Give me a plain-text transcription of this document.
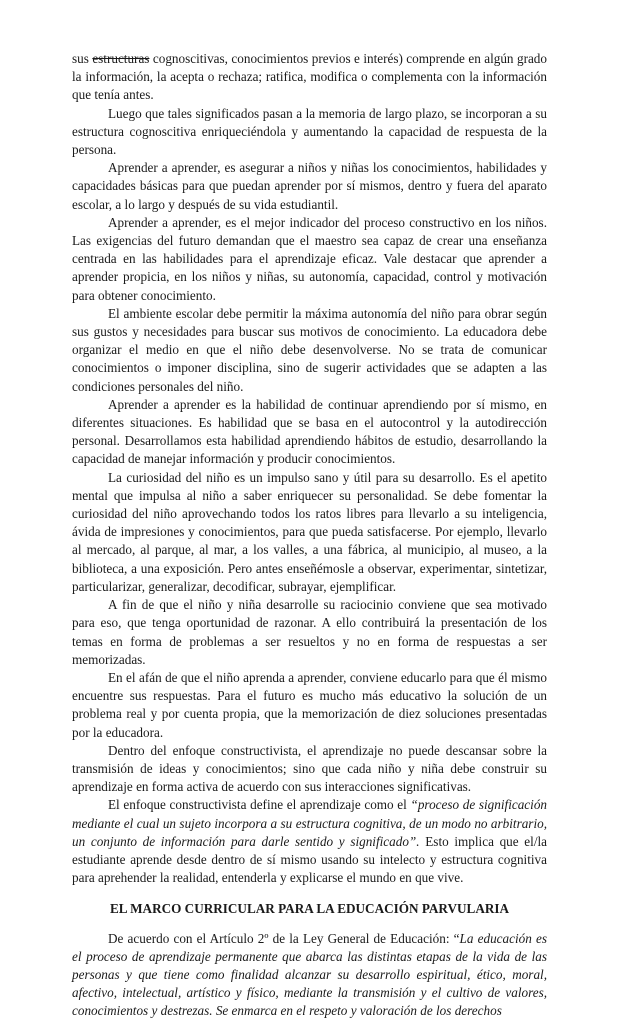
sus estructuras cognoscitivas, conocimientos previos e interés) comprende en algún grado la información, la acepta o rechaza; ratifica, modifica o complementa con la información que tenía antes.

Luego que tales significados pasan a la memoria de largo plazo, se incorporan a su estructura cognoscitiva enriqueciéndola y aumentando la capacidad de respuesta de la persona.

Aprender a aprender, es asegurar a niños y niñas los conocimientos, habilidades y capacidades básicas para que puedan aprender por sí mismos, dentro y fuera del aparato escolar, a lo largo y después de su vida estudiantil.

Aprender a aprender, es el mejor indicador del proceso constructivo en los niños. Las exigencias del futuro demandan que el maestro sea capaz de crear una enseñanza centrada en las habilidades para el aprendizaje eficaz. Vale destacar que aprender a aprender propicia, en los niños y niñas, su autonomía, capacidad, control y motivación para obtener conocimiento.

El ambiente escolar debe permitir la máxima autonomía del niño para obrar según sus gustos y necesidades para buscar sus motivos de conocimiento. La educadora debe organizar el medio en que el niño debe desenvolverse. No se trata de comunicar conocimientos o imponer disciplina, sino de sugerir actividades que se adapten a las condiciones personales del niño.

Aprender a aprender es la habilidad de continuar aprendiendo por sí mismo, en diferentes situaciones. Es habilidad que se basa en el autocontrol y la autodirección personal. Desarrollamos esta habilidad aprendiendo hábitos de estudio, desarrollando la capacidad de manejar información y producir conocimientos.

La curiosidad del niño es un impulso sano y útil para su desarrollo. Es el apetito mental que impulsa al niño a saber enriquecer su personalidad. Se debe fomentar la curiosidad del niño aprovechando todos los ratos libres para llevarlo a su inteligencia, ávida de impresiones y conocimientos, para que pueda satisfacerse. Por ejemplo, llevarlo al mercado, al parque, al mar, a los valles, a una fábrica, al municipio, al museo, a la biblioteca, a una exposición. Pero antes enseñémosle a observar, experimentar, sintetizar, particularizar, generalizar, decodificar, subrayar, ejemplificar.

A fin de que el niño y niña desarrolle su raciocinio conviene que sea motivado para eso, que tenga oportunidad de razonar. A ello contribuirá la presentación de los temas en forma de problemas a ser resueltos y no en forma de respuestas a ser memorizadas.

En el afán de que el niño aprenda a aprender, conviene educarlo para que él mismo encuentre sus respuestas. Para el futuro es mucho más educativo la solución de un problema real y por cuenta propia, que la memorización de diez soluciones presentadas por la educadora.

Dentro del enfoque constructivista, el aprendizaje no puede descansar sobre la transmisión de ideas y conocimientos; sino que cada niño y niña debe construir su aprendizaje en forma activa de acuerdo con sus interacciones significativas.

El enfoque constructivista define el aprendizaje como el “proceso de significación mediante el cual un sujeto incorpora a su estructura cognitiva, de un modo no arbitrario, un conjunto de información para darle sentido y significado”. Esto implica que el/la estudiante aprende desde dentro de sí mismo usando su intelecto y estructura cognitiva para aprehender la realidad, entenderla y explicarse el mundo en que vive.

EL MARCO CURRICULAR PARA LA EDUCACIÓN PARVULARIA

De acuerdo con el Artículo 2º de la Ley General de Educación: “La educación es el proceso de aprendizaje permanente que abarca las distintas etapas de la vida de las personas y que tiene como finalidad alcanzar su desarrollo espiritual, ético, moral, afectivo, intelectual, artístico y físico, mediante la transmisión y el cultivo de valores, conocimientos y destrezas. Se enmarca en el respeto y valoración de los derechos
